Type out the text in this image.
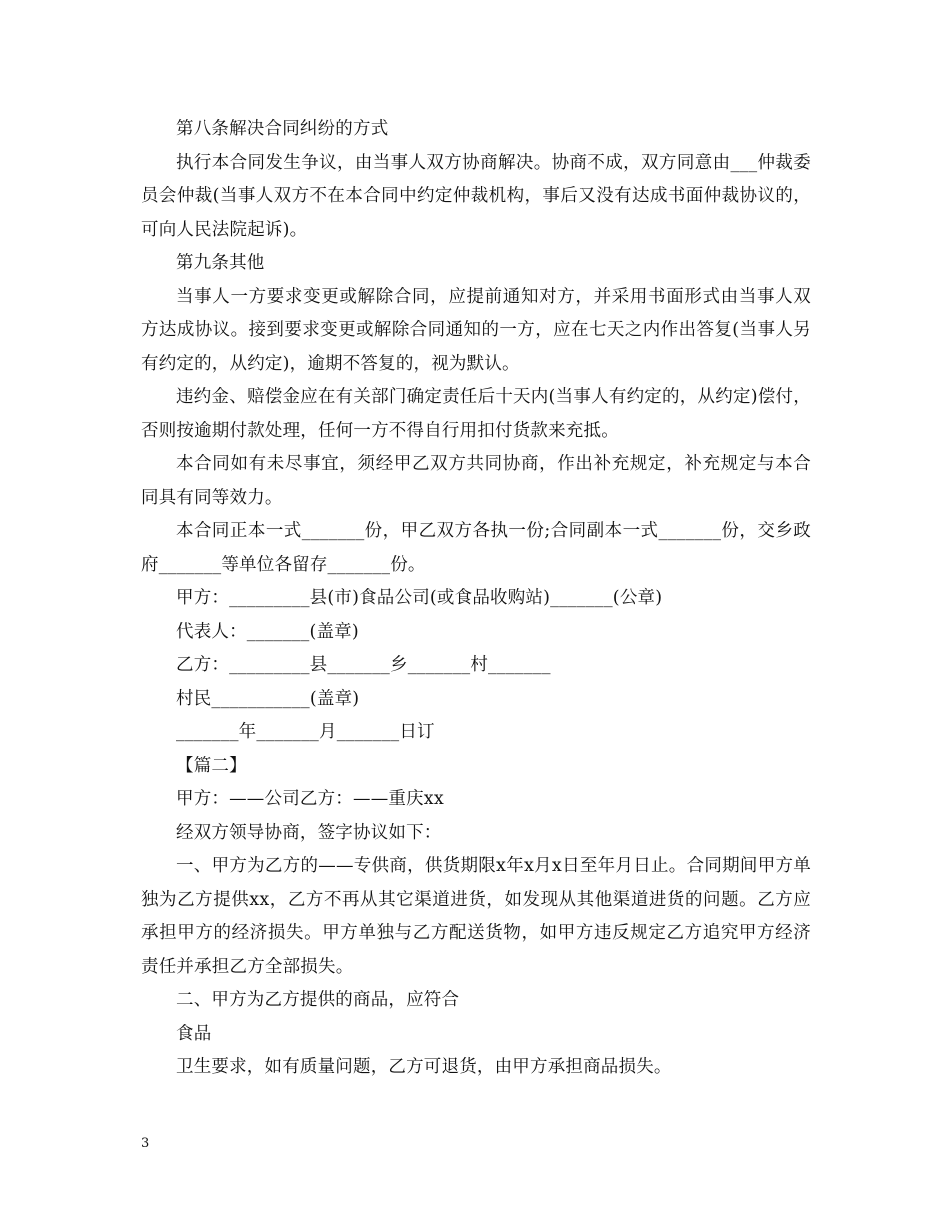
第八条解决合同纠纷的方式

执行本合同发生争议，由当事人双方协商解决。协商不成，双方同意由___仲裁委员会仲裁(当事人双方不在本合同中约定仲裁机构，事后又没有达成书面仲裁协议的，可向人民法院起诉)。

第九条其他

当事人一方要求变更或解除合同，应提前通知对方，并采用书面形式由当事人双方达成协议。接到要求变更或解除合同通知的一方，应在七天之内作出答复(当事人另有约定的，从约定)，逾期不答复的，视为默认。

违约金、赔偿金应在有关部门确定责任后十天内(当事人有约定的，从约定)偿付，否则按逾期付款处理，任何一方不得自行用扣付货款来充抵。

本合同如有未尽事宜，须经甲乙双方共同协商，作出补充规定，补充规定与本合同具有同等效力。

本合同正本一式_______份，甲乙双方各执一份;合同副本一式_______份，交乡政府_______等单位各留存_______份。

甲方：_________县(市)食品公司(或食品收购站)_______(公章)

代表人：_______(盖章)

乙方：_________县_______乡_______村_______

村民___________(盖章)

_______年_______月_______日订

【篇二】

甲方：——公司乙方：——重庆xx

经双方领导协商，签字协议如下：

一、甲方为乙方的——专供商，供货期限x年x月x日至年月日止。合同期间甲方单独为乙方提供xx，乙方不再从其它渠道进货，如发现从其他渠道进货的问题。乙方应承担甲方的经济损失。甲方单独与乙方配送货物，如甲方违反规定乙方追究甲方经济责任并承担乙方全部损失。

二、甲方为乙方提供的商品，应符合

食品

卫生要求，如有质量问题，乙方可退货，由甲方承担商品损失。

3
